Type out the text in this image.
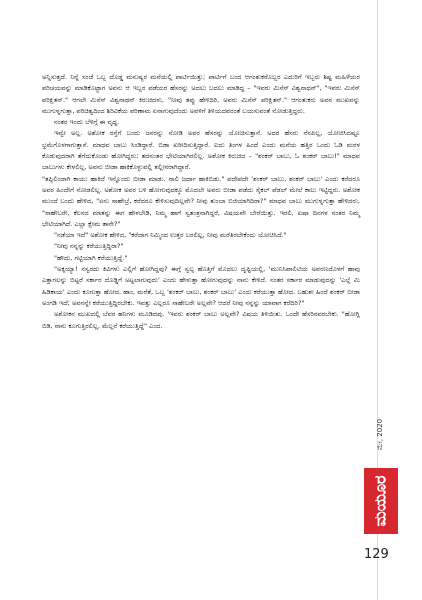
ಅನ್ನಿಸುತ್ತದೆ. ನಿನ್ನೆ ಸಂಜೆ ಒಬ್ಬ ದೊಡ್ಡ ಮನುಷ್ಯರ ಮನೆಯಲ್ಲಿ ಪಾರ್ಟಿಯಿತ್ತು; ಪಾರ್ಟಿಗೆ ಬಂದ ಆಗಂತುಕರೊಬ್ಬರ ಎದುರಿಗೆ ಇಬ್ಬರು ಶಿಷ್ಟ ಮಹಿಳೆಯರ ಪರಿಚಯವನ್ನು ಮಾಡಿಕೊಟ್ಟಾಗ ಅವನು ಆ ಇಬ್ಬರ ಪಡೆಯರ ಹೆಸರನ್ನು ಅದಲು ಬದಲು ಮಾಡಿದ್ದ – "ಇವರು ಮಿಸೆಸ್ ವಿಶ್ವನಾಥನ್", "ಇವರು ಮಿಸೆಸ್ ಪರಿಕ್ಷಿತನ್." ಆಗಲೇ ಮಿಸೆಸ್ ವಿಶ್ವನಾಥನ್ ಕಿರುಚಿದಳು, "ನೀವು ತಪ್ಪು ಹೇಳಿದಿರಿ, ಅವರು ಮಿಸೆಸ್ ಪರಿಕ್ಷಿತನ್." ಆಗಂತುಕರು ಅವನ ಮುಖವನ್ನು ಮುಗುಳ್ನಗುತ್ತಾ, ಪರಿಚಿತ್ವದಿಂದ ಶಿರಿವಿಕೆಯ ಪರಿಣಾಮ ಏನಾಗುವುದೆಂದು ಅವಳಿಗೆ ತಿಳಿಯದವರಂತೆ ಬಯಸುವಂತೆ ನೋಡುತ್ತಿದ್ದರು.

ನಂತರ ಇಂದು ಬೆಳಿಗ್ಗೆ ಈ ವೃದ್ಧ.

ಇವ್ವೇ ಅಲ್ಲ. ಅಶೋಕ ರಸ್ತೆಗೆ ಬಂದು ಜನರನ್ನು ನೋಡಿ ಅವರ ಹೆಸರನ್ನು ಯೋಚಿಸುತ್ತಾನೆ. ಅದರ ಹೆಸರು ನೆನಪಿಲ್ಲ, ಯೋಚಿಸಿದಷ್ಟೂ ಭ್ರಮೆಗೊಳಗಾಗುತ್ತಾನೆ. ಮಾಧವ ಬಾಬು ಸಿಂಡಿದ್ದಾರೆ. ಬಿಡಾ ಖರೀದಿಸುತ್ತಿದ್ದಾರೆ. ಐದು ತಿಂಗಳ ಹಿಂದೆ ಎಂದು ಮನೆಯ ಹತ್ತಿರ ಒಂದು ಓಡಿ ಮರಳ ಕೊಡುವುದರಾಗಿ ತೆಗೆದುಕೊಂಡು ಹೋಗಿದ್ದರು; ತದನಂತರ ಭೇಟಿಯಾಗಿರಲಿಲ್ಲ. ಅಶೋಕ ಕಿರುಚಿದ – "ಶಂಕರ್ ಬಾಬು, ಓ ಶಂಕರ್ ಬಾಬು!" ಮಾಧವ ಬಾಬುಗಳು ಕೇಳಲಿಲ್ಲ, ಅವನು ಬೀಡಾ ಹಾಕಿಕೊಳ್ಳುವಲ್ಲಿ ತಲ್ಲೀನರಾಗಿದ್ದಾರೆ.

"ತಪ್ಪಿಲಿಂದಾಗಿ ಕಾಯು ಹಾಕಿದೆ ಇನ್ನೊಂದು ಬೀಡಾ ಮಾಡು. ನಾಲಿ ಜರ್ದಾ ಹಾಕಿಬಿಡು." ಪದೇಪದೇ 'ಶಂಕರ್ ಬಾಬು, ಶಂಕರ್ ಬಾಬು' ಎಂದು ಕರೆದರೂ ಅವರ ಹಿಂದೇಗೆ ನೋಡಲಿಲ್ಲ. ಅಶೋಕ ಅವರ ಬಳಿ ಹೋಗುವುದಕ್ಕೂ ಮೊದಲೇ ಅವರು ಬೀಡಾ ಪಡೆದು ಸೈಕಲ್ ಪೆಡಲ್ ಮೇಲೆ ಕಾಲು ಇಟ್ಟಿದ್ದರು. ಅಶೋಕ ಮುಂದೆ ಬಂದು ಹೇಳಿದ, "ಏನು ಸಾಹೇಬ್ರೆ, ಕರೆದರೂ ಕೇಳಿಸುವುದಿಲ್ಲವೇ? ನೀವು ತುಂಬಾ ಬಿಜಿಯಾಗಿದಿರಾ?" ಮಾಧವ ಬಾಬು ಮುಗುಳ್ನಗುತ್ತಾ ಹೇಳಿದರು, "ಸಾಹೇಬರೇ, ಕೆಲಸದ ಮಾತನ್ನು ಈಗ ಹೇಳಬೇಡಿ, ನಿಮ್ಮ ಹಾಗೆ ಸ್ವತಂತ್ರನಾಗಿದ್ದರೆ, ವಿಷಯವೇ ಬೇರೆಯಿತ್ತು. ಇರಲಿ, ಏಷಾ ದಿನಗಳ ನಂತರ ನಿಮ್ಮ ಭೇಟಿಯಾಗಿದೆ. ಎಲ್ಲಾ ಕ್ಷೇಮ ತಾನೇ?"

"ನಡೆಯಾ ಇದೆ" ಅಶೋಕ ಹೇಳಿದ, "ಕರೆದಾಗ ನಿಮ್ಮಿಂದ ಉತ್ತರ ಬರಲಿಲ್ಲ, ನೀವು ಮರೆತಿರಬೇಕೆಂದು ಯೋಚಿಸಿದೆ."

"ನೀವು ನನ್ನನ್ನು ಕರೆಯುತ್ತಿದ್ದಿರಾ?"

"ಹೌದು, ಗಟ್ಟಿಯಾಗಿ ಕರೆಯುತ್ತಿದ್ದೆ."

"ಅಕ್ಕಯ್ಯಾ! ನಸ್ವರದು ಕಿವಿಗಳು ಎಲ್ಲಿಗೆ ಹೋಗಿದ್ದವು? ಈಗ್ಗೆ ಸ್ವಲ್ಪ ಹೊತ್ತಿಗೆ ಮೊದಲು ದೃಷ್ಟಿಯಲ್ಲಿ, 'ಮುನಿಸಿಪಾಲಿಟಿಯ ಅವರಣದೊಳಗೆ ಹಾವು ಎತ್ತಾಗಲನ್ನು ಬಿಟ್ಟರೆ ಸರ್ಕಾರ ದೊಡ್ಡಿಗೆ ಅಟ್ಟಲಾಗುವುದು' ಎಂದು ಹೇಳುತ್ತಾ ಹೋಗುವುದನ್ನು ನಾನು ಕೇಳಿದೆ. ನಂತರ ಸರ್ಕಾರ ಮಾಡುವುದನ್ನು 'ಎಲ್ಲೆ ಮಿ ಹಿಡಿಕಾಯ' ಎಂದು ಕೂಗುತ್ತಾ ಹೋದ. ಹಾಂ, ಮರೆತೆ, ಒಬ್ಬ 'ಶಂಕರ್ ಬಾಬು, ಶಂಕರ್ ಬಾಬು' ಎಂದು ಕರೆಯುತ್ತಾ ಹೋದ. ಬಹುಶಃ ಹಿಂದೆ ಶಂಕರ್ ಬೀಡಾ ಅಂಗಡಿ ಇದೆ; ಅವನನ್ನೇ ಕರೆಯುತ್ತಿದ್ದಿರಬೇಕು. ಇವತ್ತು ಎಲ್ಲರೂ ಸಾಹೇಬರೇ ಅಲ್ಲವೇ? ಆದರೆ ನೀವು ನನ್ನನ್ನು ಯಾವಾಗ ಕರೆದಿರಿ?"

ಅಶೋಕನ ಮುಖದಲ್ಲಿ ಬೆವರ ಹನಿಗಳು ಮೂಡಿದವು. 'ಇವರು ಶಂಕರ್ ಬಾಬು ಅಲ್ಲವೇ? ವಿಷಯ ತಿಳಿಯಿತು. ಒಂದೇ ಹೆಸರಿನವರಬೇಕು. "ಹೋಗ್ಲಿ ಬಿಡಿ, ನಾನು ಕೂಗುತ್ತಿರಲಿಲ್ಲ, ಮೆಲ್ಲನೆ ಕರೆಯುತ್ತಿದ್ದೆ" ಎಂದ.

ಮೇ, 2020
ಮಯೂರ
129
